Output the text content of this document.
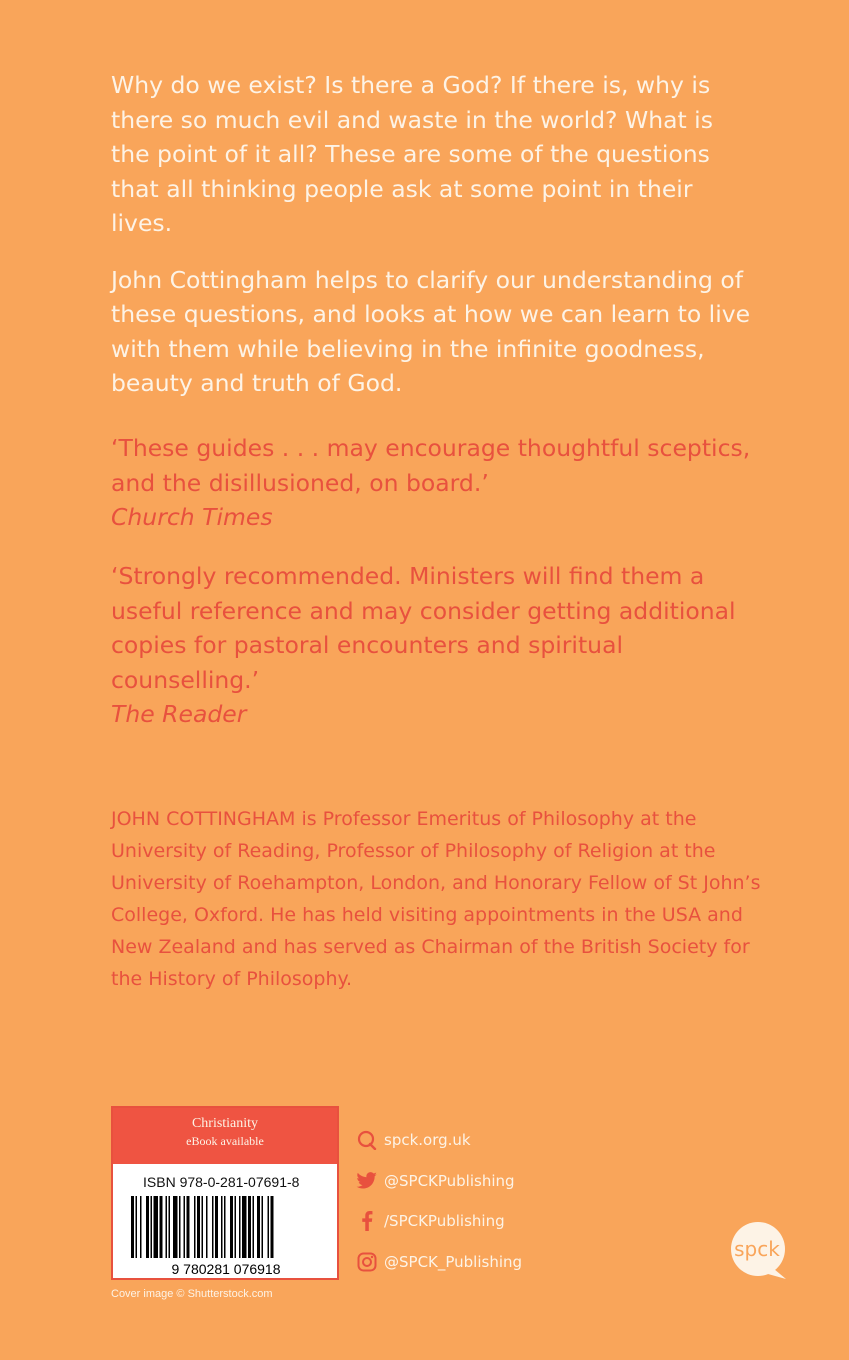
Why do we exist? Is there a God? If there is, why is there so much evil and waste in the world? What is the point of it all? These are some of the questions that all thinking people ask at some point in their lives.

John Cottingham helps to clarify our understanding of these questions, and looks at how we can learn to live with them while believing in the infinite goodness, beauty and truth of God.

‘These guides . . . may encourage thoughtful sceptics, and the disillusioned, on board.’

Church Times

‘Strongly recommended. Ministers will find them a useful reference and may consider getting additional copies for pastoral encounters and spiritual counselling.’

The Reader

JOHN COTTINGHAM is Professor Emeritus of Philosophy at the University of Reading, Professor of Philosophy of Religion at the University of Roehampton, London, and Honorary Fellow of St John’s College, Oxford. He has held visiting appointments in the USA and New Zealand and has served as Chairman of the British Society for the History of Philosophy.

Christianity
eBook available
ISBN 978-0-281-07691-8
9 780281 076918
Cover image © Shutterstock.com
spck.org.uk
@SPCKPublishing
/SPCKPublishing
@SPCK_Publishing
spck
